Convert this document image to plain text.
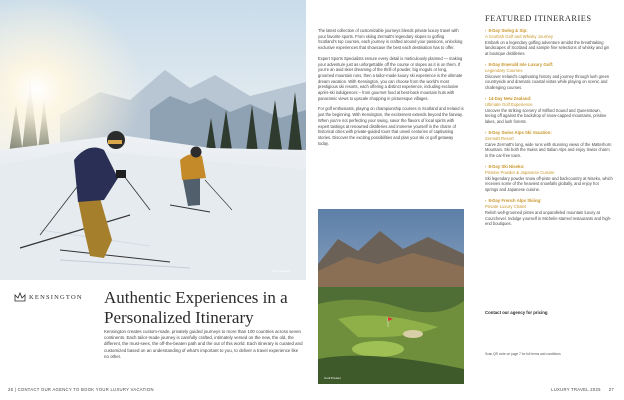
Getty Images
KENSINGTON Authentic Experiences in a Personalized Itinerary

Kensington creates custom-made, privately guided journeys to more than 100 countries across seven continents. Each tailor-made journey is carefully crafted, intimately versed on the new, the old, the different, the must-sees, the off-the-beaten path and the out of this world. Each itinerary is curated and customized based on an understanding of what's important to you, to deliver a travel experience like no other.

26 | CONTACT OUR AGENCY TO BOOK YOUR LUXURY VACATION

The latest collection of customizable journeys blends private luxury travel with your favorite sports. From skiing Zermatt's legendary slopes to golfing Scotland's top courses, each journey is crafted around your passions, unlocking exclusive experiences that showcase the best each destination has to offer.

Expert Sports Specialists ensure every detail is meticulously planned — making your adventure just as unforgettable off the course or slopes as it is on them. If you're an avid skier dreaming of the thrill of powder, big moguls or long, groomed mountain runs, then a tailor-made luxury ski experience is the ultimate dream vacation. With Kensington, you can choose from the world's most prestigious ski resorts, each offering a distinct experience, including exclusive après-ski indulgences – from gourmet food at best-back mountain huts with panoramic views to upscale shopping in picturesque villages.

For golf enthusiasts, playing on championship courses in Scotland and Ireland is just the beginning. With Kensington, the excitement extends beyond the fairway. When you're not perfecting your swing, savor the flavors of local spirits with expert tastings at renowned distilleries and immerse yourself in the charm of historical cities with private-guided tours that unveil centuries of captivating stories. Discover the exciting possibilities and plan your ski or golf getaway today.

Cork Prestel
FEATURED ITINERARIES
› 8-Day Swing & Sip:
A Scottish Golf and Whisky Journey
Embark on a legendary golfing adventure amidst the breathtaking landscapes of Scotland and sample fine selections of whisky and gin at boutique distilleries.
› 8-Day Emerald Isle Luxury Golf:
Legendary Courses
Discover Ireland's captivating history and journey through lush green countryside and dramatic coastal vistas while playing on scenic and challenging courses.
› 14-Day New Zealand:
Ultimate Golf Experience
Uncover the striking scenery of Milford Sound and Queenstown, teeing off against the backdrop of snow-capped mountains, pristine lakes, and lush forests.
› 8-Day Swiss Alps Ski Vacation:
Zermatt Resort
Carve Zermatt's long, wide runs with stunning views of the Matterhorn Mountain. Ski both the Swiss and Italian Alps and enjoy Swiss charm in the car-free town.
› 8-Day Ski Niseko:
Pristine Powder & Japanese Cuisine
Ski legendary powder snow off-piste and backcountry at Niseko, which receives some of the heaviest snowfalls globally, and enjoy hot springs and Japanese cuisine.
› 8-Day French Alps Skiing:
Private Luxury Chalet
Relish well-groomed pistes and unparalleled mountain luxury at Courchevel. Indulge yourself in Michelin-starred restaurants and high-end boutiques.
Contact our agency for pricing
Scan QR code on page 7 for full terms and conditions
LUXURY TRAVEL 2025 27
